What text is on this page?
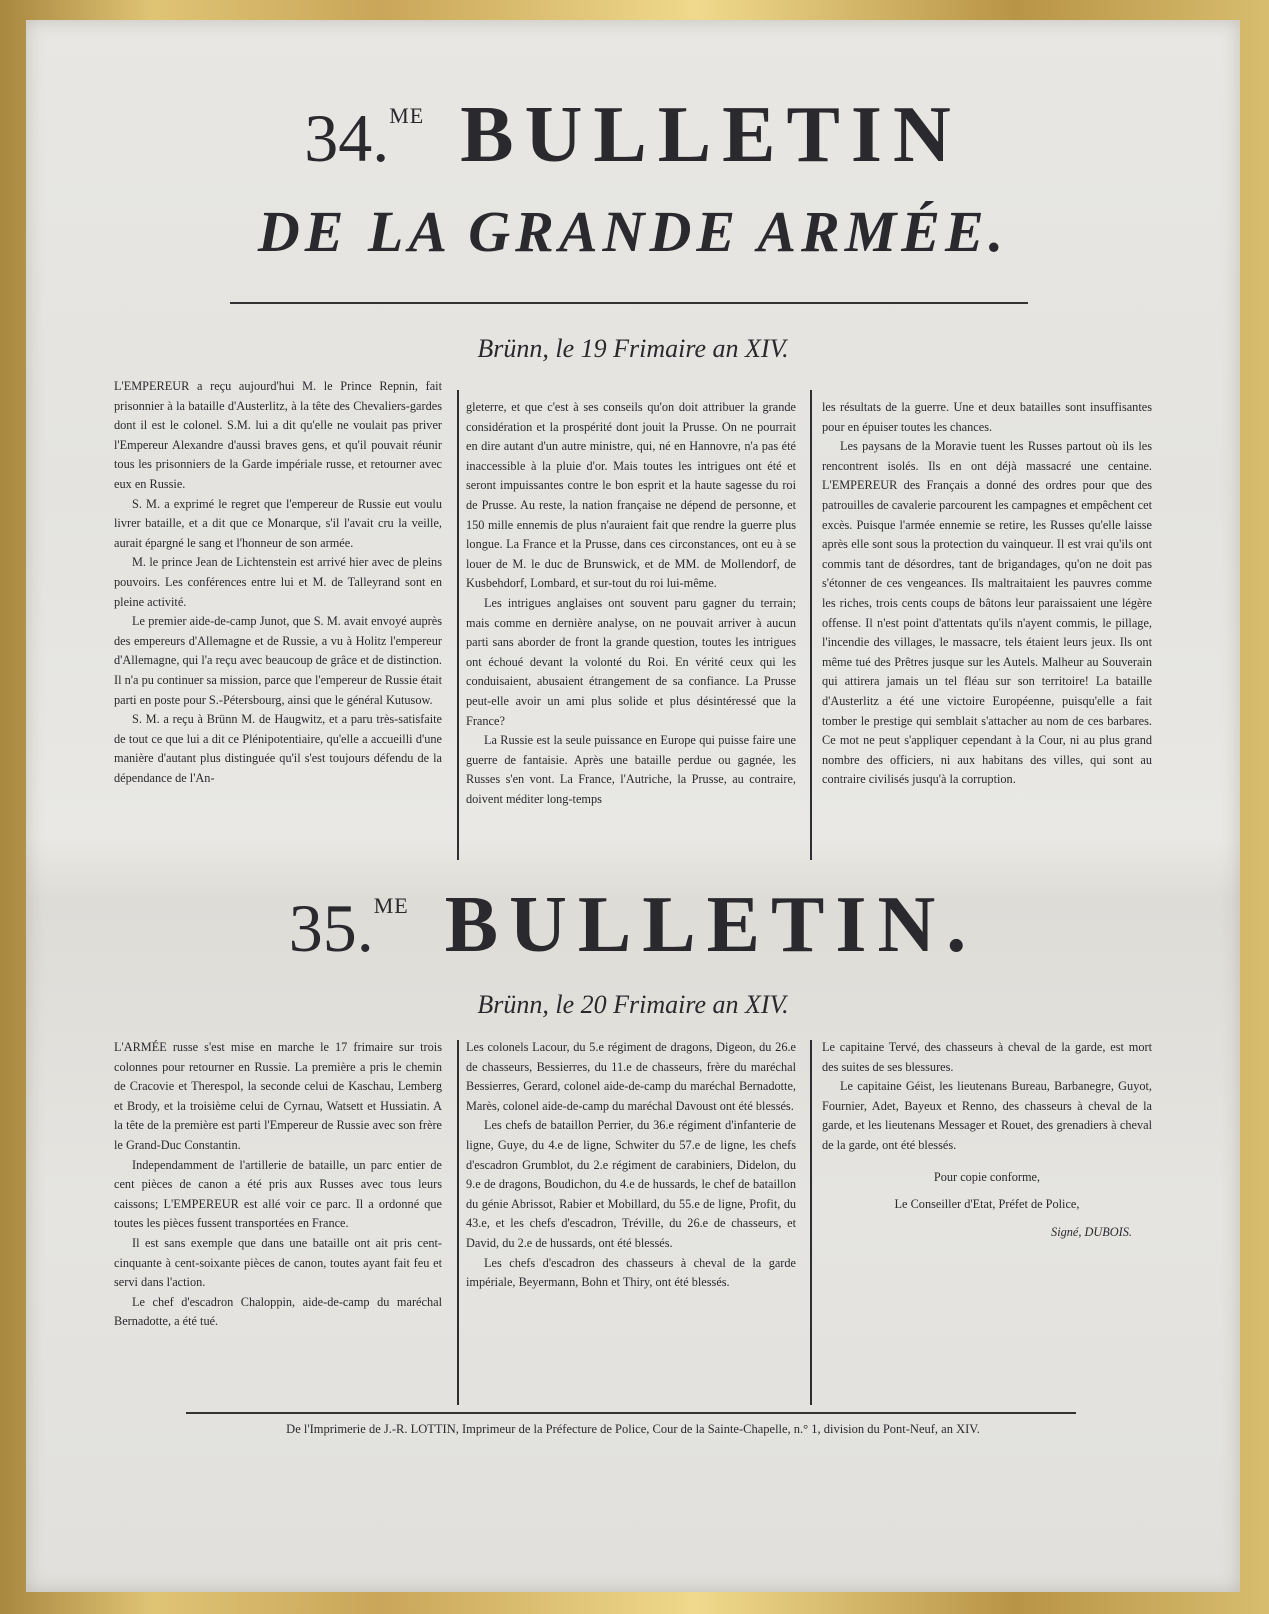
34.ME BULLETIN
DE LA GRANDE ARMÉE.
Brünn, le 19 Frimaire an XIV.

L'EMPEREUR a reçu aujourd'hui M. le Prince Repnin, fait prisonnier à la bataille d'Austerlitz, à la tête des Chevaliers-gardes dont il est le colonel. S.M. lui a dit qu'elle ne voulait pas priver l'Empereur Alexandre d'aussi braves gens, et qu'il pouvait réunir tous les prisonniers de la Garde impériale russe, et retourner avec eux en Russie.

S. M. a exprimé le regret que l'empereur de Russie eut voulu livrer bataille, et a dit que ce Monarque, s'il l'avait cru la veille, aurait épargné le sang et l'honneur de son armée.

M. le prince Jean de Lichtenstein est arrivé hier avec de pleins pouvoirs. Les conférences entre lui et M. de Talleyrand sont en pleine activité.

Le premier aide-de-camp Junot, que S. M. avait envoyé auprès des empereurs d'Allemagne et de Russie, a vu à Holitz l'empereur d'Allemagne, qui l'a reçu avec beaucoup de grâce et de distinction. Il n'a pu continuer sa mission, parce que l'empereur de Russie était parti en poste pour S.-Pétersbourg, ainsi que le général Kutusow.

S. M. a reçu à Brünn M. de Haugwitz, et a paru très-satisfaite de tout ce que lui a dit ce Plénipotentiaire, qu'elle a accueilli d'une manière d'autant plus distinguée qu'il s'est toujours défendu de la dépendance de l'An-

gleterre, et que c'est à ses conseils qu'on doit attribuer la grande considération et la prospérité dont jouit la Prusse. On ne pourrait en dire autant d'un autre ministre, qui, né en Hannovre, n'a pas été inaccessible à la pluie d'or. Mais toutes les intrigues ont été et seront impuissantes contre le bon esprit et la haute sagesse du roi de Prusse. Au reste, la nation française ne dépend de personne, et 150 mille ennemis de plus n'auraient fait que rendre la guerre plus longue. La France et la Prusse, dans ces circonstances, ont eu à se louer de M. le duc de Brunswick, et de MM. de Mollendorf, de Kusbehdorf, Lombard, et sur-tout du roi lui-même.

Les intrigues anglaises ont souvent paru gagner du terrain; mais comme en dernière analyse, on ne pouvait arriver à aucun parti sans aborder de front la grande question, toutes les intrigues ont échoué devant la volonté du Roi. En vérité ceux qui les conduisaient, abusaient étrangement de sa confiance. La Prusse peut-elle avoir un ami plus solide et plus désintéressé que la France?

La Russie est la seule puissance en Europe qui puisse faire une guerre de fantaisie. Après une bataille perdue ou gagnée, les Russes s'en vont. La France, l'Autriche, la Prusse, au contraire, doivent méditer long-temps

les résultats de la guerre. Une et deux batailles sont insuffisantes pour en épuiser toutes les chances.

Les paysans de la Moravie tuent les Russes partout où ils les rencontrent isolés. Ils en ont déjà massacré une centaine. L'EMPEREUR des Français a donné des ordres pour que des patrouilles de cavalerie parcourent les campagnes et empêchent cet excès. Puisque l'armée ennemie se retire, les Russes qu'elle laisse après elle sont sous la protection du vainqueur. Il est vrai qu'ils ont commis tant de désordres, tant de brigandages, qu'on ne doit pas s'étonner de ces vengeances. Ils maltraitaient les pauvres comme les riches, trois cents coups de bâtons leur paraissaient une légère offense. Il n'est point d'attentats qu'ils n'ayent commis, le pillage, l'incendie des villages, le massacre, tels étaient leurs jeux. Ils ont même tué des Prêtres jusque sur les Autels. Malheur au Souverain qui attirera jamais un tel fléau sur son territoire! La bataille d'Austerlitz a été une victoire Européenne, puisqu'elle a fait tomber le prestige qui semblait s'attacher au nom de ces barbares. Ce mot ne peut s'appliquer cependant à la Cour, ni au plus grand nombre des officiers, ni aux habitans des villes, qui sont au contraire civilisés jusqu'à la corruption.

35.ME BULLETIN.
Brünn, le 20 Frimaire an XIV.

L'ARMÉE russe s'est mise en marche le 17 frimaire sur trois colonnes pour retourner en Russie. La première a pris le chemin de Cracovie et Therespol, la seconde celui de Kaschau, Lemberg et Brody, et la troisième celui de Cyrnau, Watsett et Hussiatin. A la tête de la première est parti l'Empereur de Russie avec son frère le Grand-Duc Constantin.

Independamment de l'artillerie de bataille, un parc entier de cent pièces de canon a été pris aux Russes avec tous leurs caissons; L'EMPEREUR est allé voir ce parc. Il a ordonné que toutes les pièces fussent transportées en France.

Il est sans exemple que dans une bataille ont ait pris cent-cinquante à cent-soixante pièces de canon, toutes ayant fait feu et servi dans l'action.

Le chef d'escadron Chaloppin, aide-de-camp du maréchal Bernadotte, a été tué.

Les colonels Lacour, du 5.e régiment de dragons, Digeon, du 26.e de chasseurs, Bessierres, du 11.e de chasseurs, frère du maréchal Bessierres, Gerard, colonel aide-de-camp du maréchal Bernadotte, Marès, colonel aide-de-camp du maréchal Davoust ont été blessés.

Les chefs de bataillon Perrier, du 36.e régiment d'infanterie de ligne, Guye, du 4.e de ligne, Schwiter du 57.e de ligne, les chefs d'escadron Grumblot, du 2.e régiment de carabiniers, Didelon, du 9.e de dragons, Boudichon, du 4.e de hussards, le chef de bataillon du génie Abrissot, Rabier et Mobillard, du 55.e de ligne, Profit, du 43.e, et les chefs d'escadron, Tréville, du 26.e de chasseurs, et David, du 2.e de hussards, ont été blessés.

Les chefs d'escadron des chasseurs à cheval de la garde impériale, Beyermann, Bohn et Thiry, ont été blessés.

Le capitaine Tervé, des chasseurs à cheval de la garde, est mort des suites de ses blessures.

Le capitaine Géist, les lieutenans Bureau, Barbanegre, Guyot, Fournier, Adet, Bayeux et Renno, des chasseurs à cheval de la garde, et les lieutenans Messager et Rouet, des grenadiers à cheval de la garde, ont été blessés.

Pour copie conforme,

Le Conseiller d'Etat, Préfet de Police,

Signé, DUBOIS.

De l'Imprimerie de J.-R. LOTTIN, Imprimeur de la Préfecture de Police, Cour de la Sainte-Chapelle, n.° 1, division du Pont-Neuf, an XIV.
